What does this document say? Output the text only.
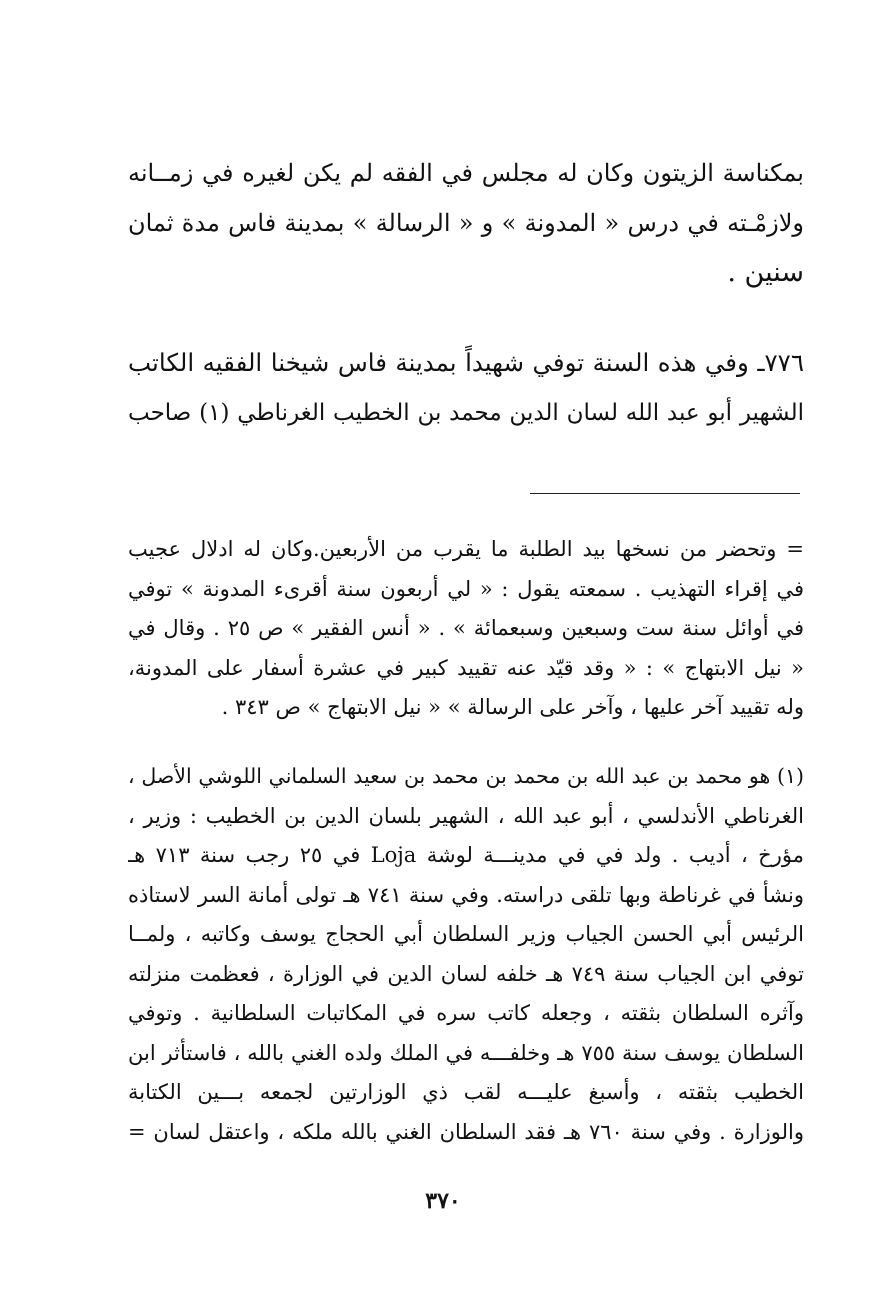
بمكناسة الزيتون وكان له مجلس في الفقه لم يكن لغيره في زمــانه
ولازمْـته في درس « المدونة » و « الرسالة » بمدينة فاس مدة ثمان
سنين .
٧٧٦ـ وفي هذه السنة توفي شهيداً بمدينة فاس شيخنا الفقيه الكاتب
الشهير أبو عبد الله لسان الدين محمد بن الخطيب الغرناطي (١) صاحب
= وتحضر من نسخها بيد الطلبة ما يقرب من الأربعين.وكان له ادلال عجيب
في إقراء التهذيب . سمعته يقول : « لي أربعون سنة أقرىء المدونة » توفي
في أوائل سنة ست وسبعين وسبعمائة » . « أنس الفقير » ص ٢٥ . وقال في
« نيل الابتهاج » : « وقد قيّد عنه تقييد كبير في عشرة أسفار على المدونة،
وله تقييد آخر عليها ، وآخر على الرسالة » « نيل الابتهاج » ص ٣٤٣ .
(١) هو محمد بن عبد الله بن محمد بن محمد بن سعيد السلماني اللوشي الأصل ،
الغرناطي الأندلسي ، أبو عبد الله ، الشهير بلسان الدين بن الخطيب : وزير ،
مؤرخ ، أديب . ولد في في مدينـــة لوشة Loja في ٢٥ رجب سنة ٧١٣ هـ
ونشأ في غرناطة وبها تلقى دراسته. وفي سنة ٧٤١ هـ تولى أمانة السر لاستاذه
الرئيس أبي الحسن الجياب وزير السلطان أبي الحجاج يوسف وكاتبه ، ولمــا
توفي ابن الجياب سنة ٧٤٩ هـ خلفه لسان الدين في الوزارة ، فعظمت منزلته
وآثره السلطان بثقته ، وجعله كاتب سره في المكاتبات السلطانية . وتوفي
السلطان يوسف سنة ٧٥٥ هـ وخلفـــه في الملك ولده الغني بالله ، فاستأثر ابن
الخطيب بثقته ، وأسبغ عليـــه لقب ذي الوزارتين لجمعه بـــين الكتابة
والوزارة . وفي سنة ٧٦٠ هـ فقد السلطان الغني بالله ملكه ، واعتقل لسان =
٣٧٠
